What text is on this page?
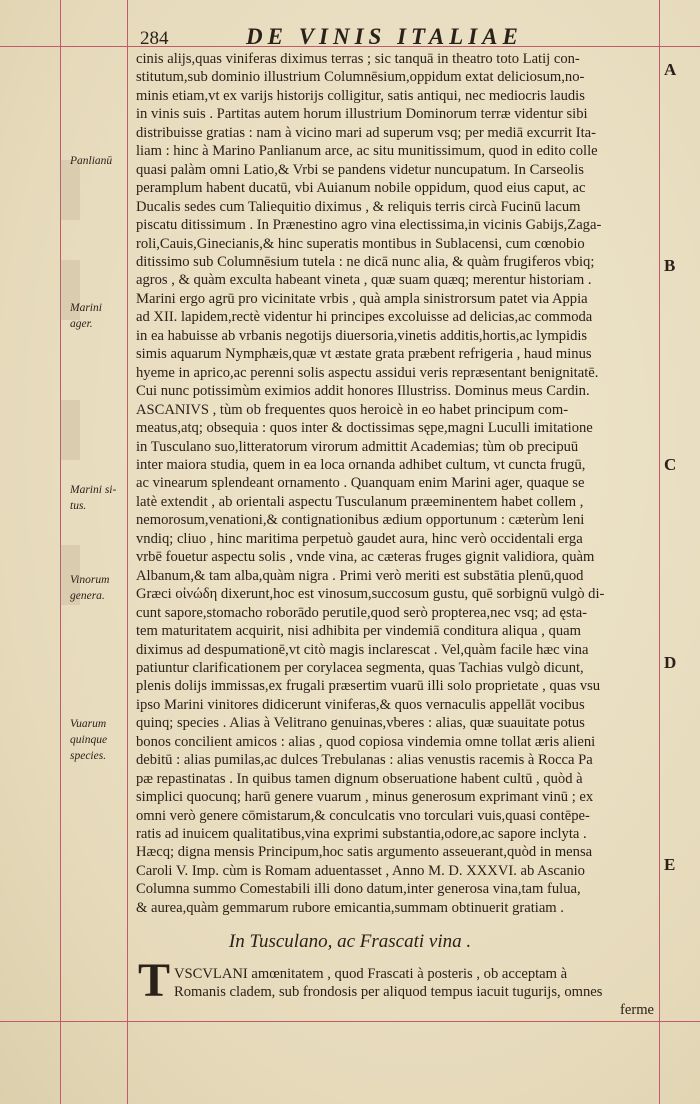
284	DE VINIS ITALIAE
A
B
C
D
E
Panlianū
Marini
ager.
Marini si-
tus.
Vinorum
genera.
Vuarum
quinque
species.
cinis alijs,quas viniferas diximus terras ; sic tanquā in theatro toto Latij con-
stitutum,sub dominio illustrium Columnēsium,oppidum extat deliciosum,no-
minis etiam,vt ex varijs historijs colligitur, satis antiqui, nec mediocris laudis
in vinis suis . Partitas autem horum illustrium Dominorum terræ videntur sibi
distribuisse gratias : nam à vicino mari ad superum vsq; per mediā excurrit Ita-
liam : hinc à Marino Panlianum arce, ac situ munitissimum, quod in edito colle
quasi palàm omni Latio,& Vrbi se pandens videtur nuncupatum. In Carseolis
peramplum habent ducatū, vbi Auianum nobile oppidum, quod eius caput, ac
Ducalis sedes cum Taliequitio diximus , & reliquis terris circà Fucinū lacum
piscatu ditissimum . In Prænestino agro vina electissima,in vicinis Gabijs,Zaga-
roli,Cauis,Ginecianis,& hinc superatis montibus in Sublacensi, cum cœnobio
ditissimo sub Columnēsium tutela : ne dicā nunc alia, & quàm frugiferos vbiq;
agros , & quàm exculta habeant vineta , quæ suam quæq; merentur historiam .
Marini ergo agrū pro vicinitate vrbis , quà ampla sinistrorsum patet via Appia
ad XII. lapidem,rectè videntur hi principes excoluisse ad delicias,ac commoda
in ea habuisse ab vrbanis negotijs diuersoria,vinetis additis,hortis,ac lympidis
simis aquarum Nymphæis,quæ vt æstate grata præbent refrigeria , haud minus
hyeme in aprico,ac perenni solis aspectu assidui veris repræsentant benignitatē.
Cui nunc potissimùm eximios addit honores Illustriss. Dominus meus Cardin.
ASCANIVS , tùm ob frequentes quos heroicè in eo habet principum com-
meatus,atq; obsequia : quos inter & doctissimas sępe,magni Luculli imitatione
in Tusculano suo,litteratorum virorum admittit Academias; tùm ob precipuū
inter maiora studia, quem in ea loca ornanda adhibet cultum, vt cuncta frugū,
ac vinearum splendeant ornamento . Quanquam enim Marini ager, quaque se
latè extendit , ab orientali aspectu Tusculanum præeminentem habet collem ,
nemorosum,venationi,& contignationibus ædium opportunum : cæterùm leni
vndiq; cliuo , hinc maritima perpetuò gaudet aura, hinc verò occidentali erga
vrbē fouetur aspectu solis , vnde vina, ac cæteras fruges gignit validiora, quàm
Albanum,& tam alba,quàm nigra . Primi verò meriti est substātia plenū,quod
Græci οἰνώδη dixerunt,hoc est vinosum,succosum gustu, quē sorbignū vulgò di-
cunt sapore,stomacho roborādo perutile,quod serò propterea,nec vsq; ad ęsta-
tem maturitatem acquirit, nisi adhibita per vindemiā conditura aliqua , quam
diximus ad despumationē,vt citò magis inclarescat . Vel,quàm facile hæc vina
patiuntur clarificationem per corylacea segmenta, quas Tachias vulgò dicunt,
plenis dolijs immissas,ex frugali præsertim vuarū illi solo proprietate , quas vsu
ipso Marini vinitores didicerunt viniferas,& quos vernaculis appellāt vocibus
quinq; species . Alias à Velitrano genuinas,vberes : alias, quæ suauitate potus
bonos concilient amicos : alias , quod copiosa vindemia omne tollat æris alieni
debitū : alias pumilas,ac dulces Trebulanas : alias venustis racemis à Rocca Pa
pæ repastinatas . In quibus tamen dignum obseruatione habent cultū , quòd à
simplici quocunq; harū genere vuarum , minus generosum exprimant vinū ; ex
omni verò genere cōmistarum,& conculcatis vno torculari vuis,quasi contēpe-
ratis ad inuicem qualitatibus,vina exprimi substantia,odore,ac sapore inclyta .
Hæcq; digna mensis Principum,hoc satis argumento asseuerant,quòd in mensa
Caroli V. Imp. cùm is Romam aduentasset , Anno M. D. XXXVI. ab Ascanio
Columna summo Comestabili illi dono datum,inter generosa vina,tam fulua,
& aurea,quàm gemmarum rubore emicantia,summam obtinuerit gratiam .
In Tusculano, ac Frascati vina .
T VSCVLANI amœnitatem , quod Frascati à posteris , ob acceptam à
Romanis cladem, sub frondosis per aliquod tempus iacuit tugurijs, omnes
ferme
